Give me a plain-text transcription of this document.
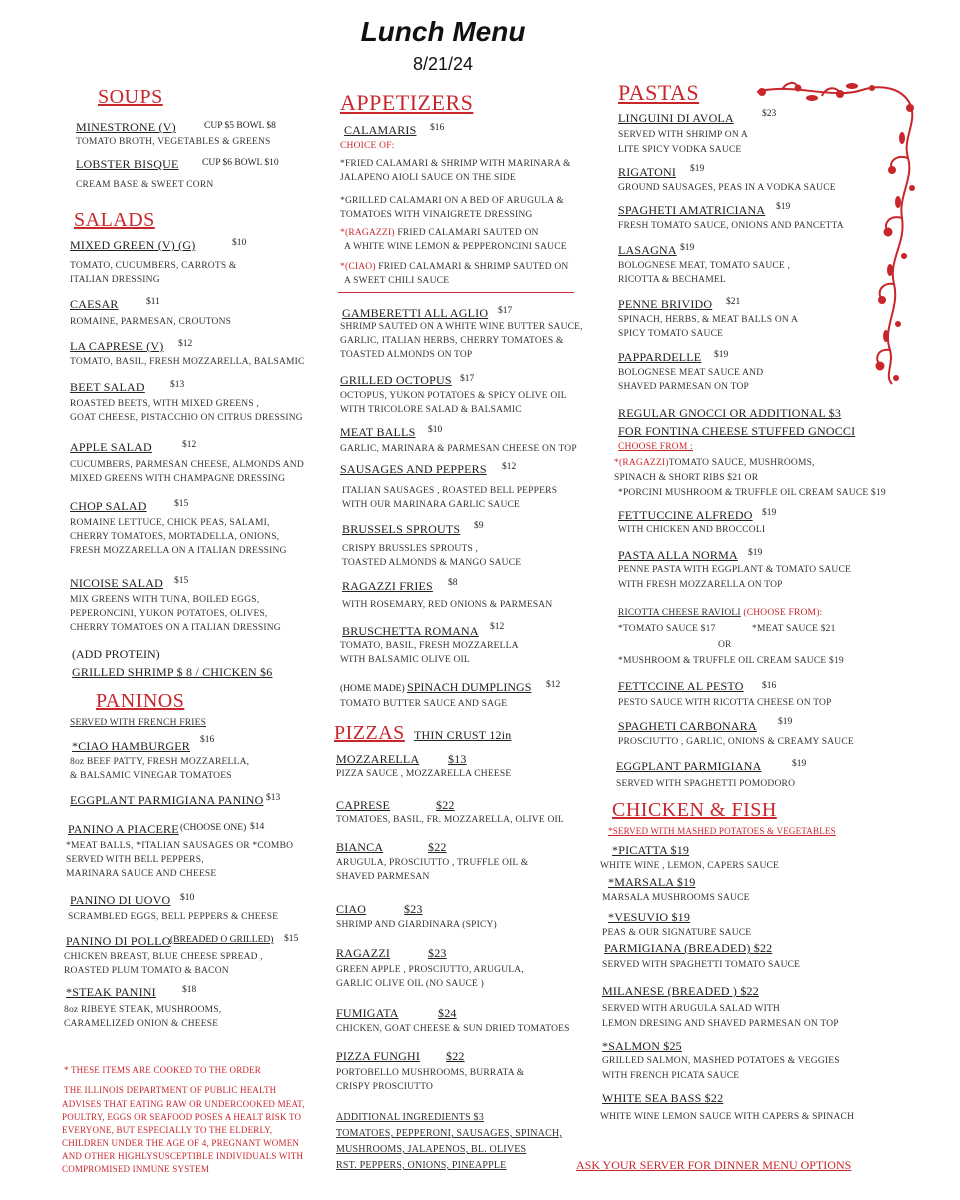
Lunch Menu
8/21/24
SOUPS
MINESTRONE (V)	CUP $5 BOWL $8
TOMATO BROTH, VEGETABLES & GREENS
LOBSTER BISQUE CUP $6 BOWL $10
CREAM BASE & SWEET CORN
SALADS
MIXED GREEN (V) (G)	$10
TOMATO, CUCUMBERS, CARROTS &
ITALIAN DRESSING
CAESAR	$11
ROMAINE, PARMESAN, CROUTONS
LA CAPRESE (V) $12
TOMATO, BASIL, FRESH MOZZARELLA, BALSAMIC
BEET SALAD	$13
ROASTED BEETS, WITH MIXED GREENS ,
GOAT CHEESE, PISTACCHIO ON CITRUS DRESSING
APPLE SALAD	$12
CUCUMBERS, PARMESAN CHEESE, ALMONDS AND
MIXED GREENS WITH CHAMPAGNE DRESSING
CHOP SALAD	$15
ROMAINE LETTUCE, CHICK PEAS, SALAMI,
CHERRY TOMATOES, MORTADELLA, ONIONS,
FRESH MOZZARELLA ON A ITALIAN DRESSING
NICOISE SALAD $15
MIX GREENS WITH TUNA, BOILED EGGS,
PEPERONCINI, YUKON POTATOES, OLIVES,
CHERRY TOMATOES ON A ITALIAN DRESSING
(ADD PROTEIN)
GRILLED SHRIMP $ 8 / CHICKEN $6
PANINOS
SERVED WITH FRENCH FRIES
*CIAO HAMBURGER $16
8oz BEEF PATTY, FRESH MOZZARELLA,
& BALSAMIC VINEGAR TOMATOES
EGGPLANT PARMIGIANA PANINO $13
PANINO A PIACERE (CHOOSE ONE) $14
*MEAT BALLS, *ITALIAN SAUSAGES OR *COMBO
SERVED WITH BELL PEPPERS,
MARINARA SAUCE AND CHEESE
PANINO DI UOVO $10
SCRAMBLED EGGS, BELL PEPPERS & CHEESE
PANINO DI POLLO (BREADED O GRILLED) $15
CHICKEN BREAST, BLUE CHEESE SPREAD ,
ROASTED PLUM TOMATO & BACON
*STEAK PANINI	$18
8oz RIBEYE STEAK, MUSHROOMS,
CARAMELIZED ONION & CHEESE
* THESE ITEMS ARE COOKED TO THE ORDER
THE ILLINOIS DEPARTMENT OF PUBLIC HEALTH
ADVISES THAT EATING RAW OR UNDERCOOKED MEAT,
POULTRY, EGGS OR SEAFOOD POSES A HEALT RISK TO
EVERYONE, BUT ESPECIALLY TO THE ELDERLY,
CHILDREN UNDER THE AGE OF 4, PREGNANT WOMEN
AND OTHER HIGHLYSUSCEPTIBLE INDIVIDUALS WITH
COMPROMISED INMUNE SYSTEM
APPETIZERS
CALAMARIS $16
CHOICE OF:
*FRIED CALAMARI & SHRIMP WITH MARINARA &
JALAPENO AIOLI SAUCE ON THE SIDE
*GRILLED CALAMARI ON A BED OF ARUGULA &
TOMATOES WITH VINAIGRETE DRESSING
*(RAGAZZI) FRIED CALAMARI SAUTED ON
A WHITE WINE LEMON & PEPPERONCINI SAUCE
*(CIAO) FRIED CALAMARI & SHRIMP SAUTED ON
A SWEET CHILI SAUCE
GAMBERETTI ALL AGLIO $17
SHRIMP SAUTED ON A WHITE WINE BUTTER SAUCE,
GARLIC, ITALIAN HERBS, CHERRY TOMATOES &
TOASTED ALMONDS ON TOP
GRILLED OCTOPUS $17
OCTOPUS, YUKON POTATOES & SPICY OLIVE OIL
WITH TRICOLORE SALAD & BALSAMIC
MEAT BALLS $10
GARLIC, MARINARA & PARMESAN CHEESE ON TOP
SAUSAGES AND PEPPERS $12
ITALIAN SAUSAGES , ROASTED BELL PEPPERS
WITH OUR MARINARA GARLIC SAUCE
BRUSSELS SPROUTS $9
CRISPY BRUSSLES SPROUTS ,
TOASTED ALMONDS & MANGO SAUCE
RAGAZZI FRIES $8
WITH ROSEMARY, RED ONIONS & PARMESAN
BRUSCHETTA ROMANA $12
TOMATO, BASIL, FRESH MOZZARELLA
WITH BALSAMIC OLIVE OIL
(HOME MADE) SPINACH DUMPLINGS $12
TOMATO BUTTER SAUCE AND SAGE
PIZZAS THIN CRUST 12in
MOZZARELLA $13
PIZZA SAUCE , MOZZARELLA CHEESE
CAPRESE	$22
TOMATOES, BASIL, FR. MOZZARELLA, OLIVE OIL
BIANCA	$22
ARUGULA, PROSCIUTTO , TRUFFLE OIL &
SHAVED PARMESAN
CIAO	$23
SHRIMP AND GIARDINARA (SPICY)
RAGAZZI	$23
GREEN APPLE , PROSCIUTTO, ARUGULA,
GARLIC OLIVE OIL (NO SAUCE )
FUMIGATA	$24
CHICKEN, GOAT CHEESE & SUN DRIED TOMATOES
PIZZA FUNGHI $22
PORTOBELLO MUSHROOMS, BURRATA &
CRISPY PROSCIUTTO
ADDITIONAL INGREDIENTS $3
TOMATOES, PEPPERONI, SAUSAGES, SPINACH,
MUSHROOMS, JALAPENOS, BL. OLIVES
RST. PEPPERS, ONIONS, PINEAPPLE
PASTAS
LINGUINI DI AVOLA	$23
SERVED WITH SHRIMP ON A
LITE SPICY VODKA SAUCE
RIGATONI $19
GROUND SAUSAGES, PEAS IN A VODKA SAUCE
SPAGHETI AMATRICIANA $19
FRESH TOMATO SAUCE, ONIONS AND PANCETTA
LASAGNA $19
BOLOGNESE MEAT, TOMATO SAUCE ,
RICOTTA & BECHAMEL
PENNE BRIVIDO $21
SPINACH, HERBS, & MEAT BALLS ON A
SPICY TOMATO SAUCE
PAPPARDELLE $19
BOLOGNESE MEAT SAUCE AND
SHAVED PARMESAN ON TOP
REGULAR GNOCCI OR ADDITIONAL $3
FOR FONTINA CHEESE STUFFED GNOCCI
CHOOSE FROM :
*(RAGAZZI)TOMATO SAUCE, MUSHROOMS,
SPINACH & SHORT RIBS $21 OR
*PORCINI MUSHROOM & TRUFFLE OIL CREAM SAUCE $19
FETTUCCINE ALFREDO $19
WITH CHICKEN AND BROCCOLI
PASTA ALLA NORMA $19
PENNE PASTA WITH EGGPLANT & TOMATO SAUCE
WITH FRESH MOZZARELLA ON TOP
RICOTTA CHEESE RAVIOLI (CHOOSE FROM):
*TOMATO SAUCE $17	*MEAT SAUCE $21
OR
*MUSHROOM & TRUFFLE OIL CREAM SAUCE $19
FETTCCINE AL PESTO $16
PESTO SAUCE WITH RICOTTA CHEESE ON TOP
SPAGHETI CARBONARA $19
PROSCIUTTO , GARLIC, ONIONS & CREAMY SAUCE
EGGPLANT PARMIGIANA	$19
SERVED WITH SPAGHETTI POMODORO
CHICKEN & FISH
*SERVED WITH MASHED POTATOES & VEGETABLES
*PICATTA $19
WHITE WINE , LEMON, CAPERS SAUCE
*MARSALA $19
MARSALA MUSHROOMS SAUCE
*VESUVIO $19
PEAS & OUR SIGNATURE SAUCE
PARMIGIANA (BREADED) $22
SERVED WITH SPAGHETTI TOMATO SAUCE
MILANESE (BREADED ) $22
SERVED WITH ARUGULA SALAD WITH
LEMON DRESING AND SHAVED PARMESAN ON TOP
*SALMON $25
GRILLED SALMON, MASHED POTATOES & VEGGIES
WITH FRENCH PICATA SAUCE
WHITE SEA BASS $22
WHITE WINE LEMON SAUCE WITH CAPERS & SPINACH
ASK YOUR SERVER FOR DINNER MENU OPTIONS
